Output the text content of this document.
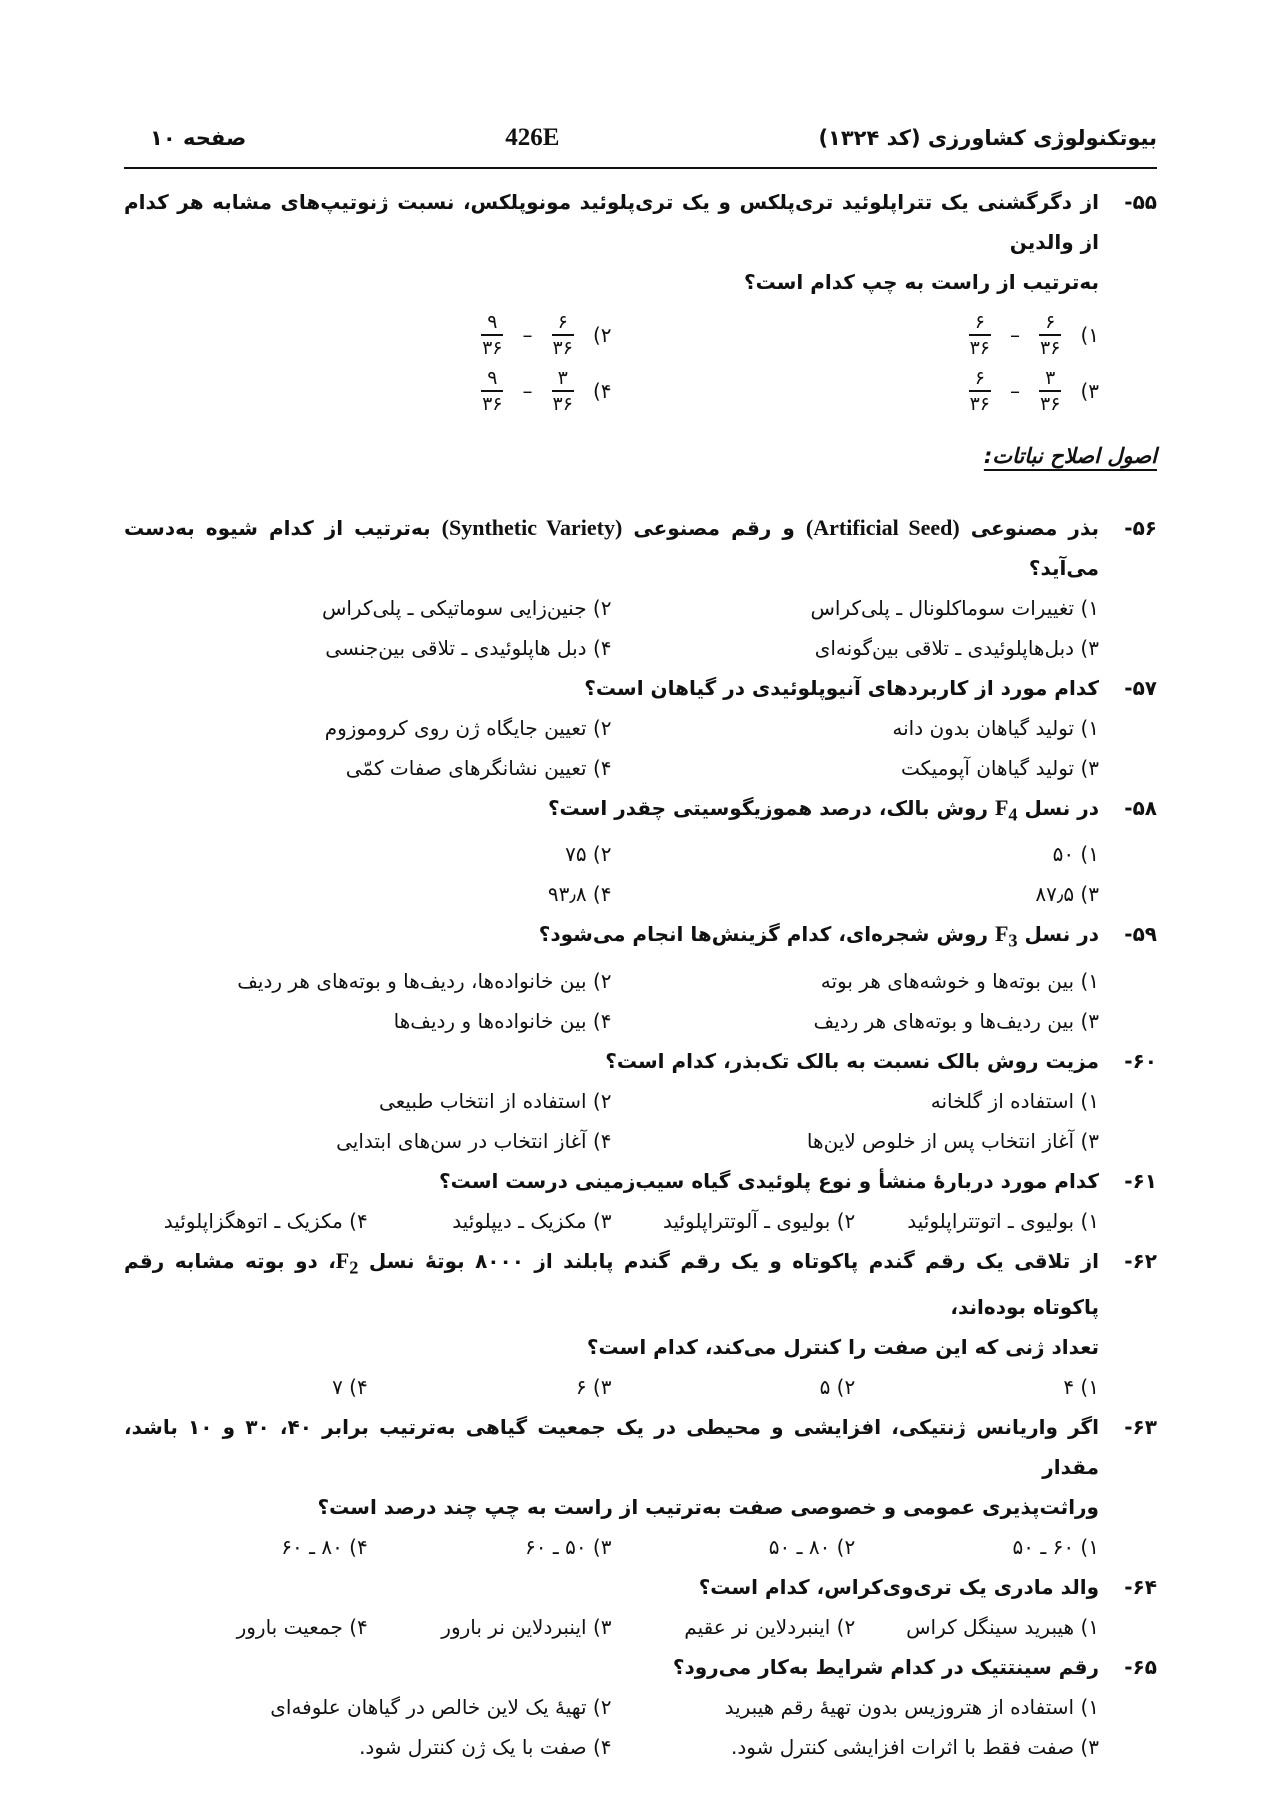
بیوتکنولوژی کشاورزی (کد ۱۳۲۴)
426E
صفحه ۱۰
۵۵-
از دگرگشنی یک تتراپلوئید تری‌پلکس و یک تری‌پلوئید مونوپلکس، نسبت ژنوتیپ‌های مشابه هر کدام از والدین
به‌ترتیب از راست به چپ کدام است؟
۱)
$\frac{۶}{۳۶}$
–
$\frac{۶}{۳۶}$
۲)
$\frac{۶}{۳۶}$
–
$\frac{۹}{۳۶}$
۳)
$\frac{۳}{۳۶}$
–
$\frac{۶}{۳۶}$
۴)
$\frac{۳}{۳۶}$
–
$\frac{۹}{۳۶}$
اصول اصلاح نباتات:
۵۶-
بذر مصنوعی (Artificial Seed) و رقم مصنوعی (Synthetic Variety) به‌ترتیب از کدام شیوه به‌دست می‌آید؟
۱) تغییرات سوماکلونال ـ پلی‌کراس
۲) جنین‌زایی سوماتیکی ـ پلی‌کراس
۳) دبل‌هاپلوئیدی ـ تلاقی بین‌گونه‌ای
۴) دبل هاپلوئیدی ـ تلاقی بین‌جنسی
۵۷-
کدام مورد از کاربردهای آنیوپلوئیدی در گیاهان است؟
۱) تولید گیاهان بدون دانه
۲) تعیین جایگاه ژن روی کروموزوم
۳) تولید گیاهان آپومیکت
۴) تعیین نشانگرهای صفات کمّی
۵۸-
در نسل $F_4$ روش بالک، درصد هموزیگوسیتی چقدر است؟
۱) ۵۰
۲) ۷۵
۳) ۸۷٫۵
۴) ۹۳٫۸
۵۹-
در نسل $F_3$ روش شجره‌ای، کدام گزینش‌ها انجام می‌شود؟
۱) بین بوته‌ها و خوشه‌های هر بوته
۲) بین خانواده‌ها، ردیف‌ها و بوته‌های هر ردیف
۳) بین ردیف‌ها و بوته‌های هر ردیف
۴) بین خانواده‌ها و ردیف‌ها
۶۰-
مزیت روش بالک نسبت به بالک تک‌بذر، کدام است؟
۱) استفاده از گلخانه
۲) استفاده از انتخاب طبیعی
۳) آغاز انتخاب پس از خلوص لاین‌ها
۴) آغاز انتخاب در سن‌های ابتدایی
۶۱-
کدام مورد دربارهٔ منشأ و نوع پلوئیدی گیاه سیب‌زمینی درست است؟
۱) بولیوی ـ اتوتتراپلوئید
۲) بولیوی ـ آلوتتراپلوئید
۳) مکزیک ـ دیپلوئید
۴) مکزیک ـ اتوهگزاپلوئید
۶۲-
از تلاقی یک رقم گندم پاکوتاه و یک رقم گندم پابلند از ۸۰۰۰ بوتهٔ نسل $F_2،$ دو بوته مشابه رقم پاکوتاه بوده‌اند،
تعداد ژنی که این صفت را کنترل می‌کند، کدام است؟
۱) ۴
۲) ۵
۳) ۶
۴) ۷
۶۳-
اگر واریانس ژنتیکی، افزایشی و محیطی در یک جمعیت گیاهی به‌ترتیب برابر ۴۰، ۳۰ و ۱۰ باشد، مقدار
وراثت‌پذیری عمومی و خصوصی صفت به‌ترتیب از راست به چپ چند درصد است؟
۱) ۶۰ ـ ۵۰
۲) ۸۰ ـ ۵۰
۳) ۵۰ ـ ۶۰
۴) ۸۰ ـ ۶۰
۶۴-
والد مادری یک تری‌وی‌کراس، کدام است؟
۱) هیبرید سینگل کراس
۲) اینبردلاین نر عقیم
۳) اینبردلاین نر بارور
۴) جمعیت بارور
۶۵-
رقم سینتتیک در کدام شرایط به‌کار می‌رود؟
۱) استفاده از هتروزیس بدون تهیهٔ رقم هیبرید
۲) تهیهٔ یک لاین خالص در گیاهان علوفه‌ای
۳) صفت فقط با اثرات افزایشی کنترل شود.
۴) صفت با یک ژن کنترل شود.
